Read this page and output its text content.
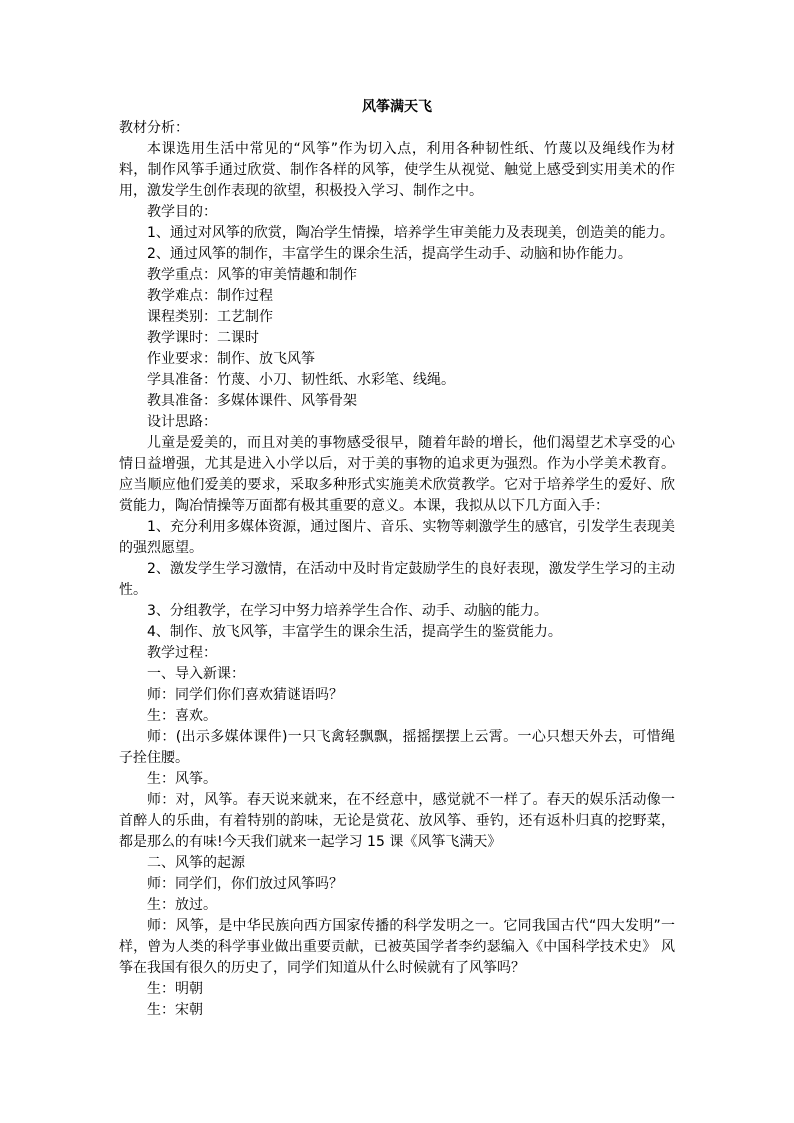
风筝满天飞

教材分析：

本课选用生活中常见的“风筝”作为切入点，利用各种韧性纸、竹蔑以及绳线作为材料，制作风筝手通过欣赏、制作各样的风筝，使学生从视觉、触觉上感受到实用美术的作用，激发学生创作表现的欲望，积极投入学习、制作之中。

教学目的：

1、通过对风筝的欣赏，陶冶学生情操，培养学生审美能力及表现美，创造美的能力。

2、通过风筝的制作，丰富学生的课余生活，提高学生动手、动脑和协作能力。

教学重点：风筝的审美情趣和制作

教学难点：制作过程

课程类别：工艺制作

教学课时：二课时

作业要求：制作、放飞风筝

学具准备：竹蔑、小刀、韧性纸、水彩笔、线绳。

教具准备：多媒体课件、风筝骨架

设计思路：

儿童是爱美的，而且对美的事物感受很早，随着年龄的增长，他们渴望艺术享受的心情日益增强，尤其是进入小学以后，对于美的事物的追求更为强烈。作为小学美术教育。应当顺应他们爱美的要求，采取多种形式实施美术欣赏教学。它对于培养学生的爱好、欣赏能力，陶冶情操等万面都有极其重要的意义。本课，我拟从以下几方面入手：

1、充分利用多媒体资源，通过图片、音乐、实物等刺激学生的感官，引发学生表现美的强烈愿望。

2、激发学生学习激情，在活动中及时肯定鼓励学生的良好表现，激发学生学习的主动性。

3、分组教学，在学习中努力培养学生合作、动手、动脑的能力。

4、制作、放飞风筝，丰富学生的课余生活，提高学生的鉴赏能力。

教学过程：

一、导入新课：

师：同学们你们喜欢猜谜语吗？

生：喜欢。

师：(出示多媒体课件)一只飞禽轻飘飘，摇摇摆摆上云霄。一心只想天外去，可惜绳子拴住腰。

生：风筝。

师：对，风筝。春天说来就来，在不经意中，感觉就不一样了。春天的娱乐活动像一首醉人的乐曲，有着特别的韵味，无论是赏花、放风筝、垂钓，还有返朴归真的挖野菜，都是那么的有味!今天我们就来一起学习 15 课《风筝飞满天》

二、风筝的起源

师：同学们，你们放过风筝吗？

生：放过。

师：风筝，是中华民族向西方国家传播的科学发明之一。它同我国古代“四大发明”一样，曾为人类的科学事业做出重要贡献，已被英国学者李约瑟编入《中国科学技术史》 风筝在我国有很久的历史了，同学们知道从什么时候就有了风筝吗？

生：明朝

生：宋朝
